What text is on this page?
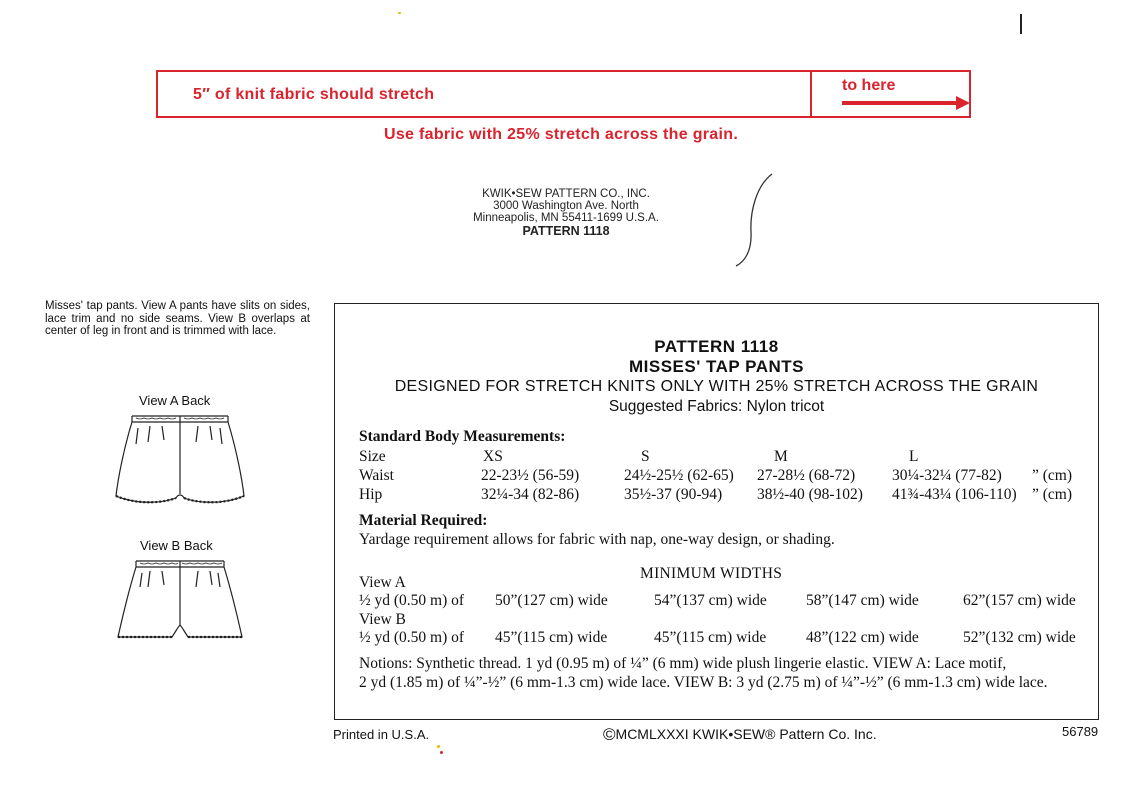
5″ of knit fabric should stretch
to here
Use fabric with 25% stretch across the grain.
KWIK•SEW PATTERN CO., INC.
3000 Washington Ave. North
Minneapolis, MN 55411-1699 U.S.A.
PATTERN 1118
Misses' tap pants. View A pants have slits on sides, lace trim and no side seams. View B overlaps at center of leg in front and is trimmed with lace.
View A Back
View B Back
PATTERN 1118
MISSES' TAP PANTS
DESIGNED FOR STRETCH KNITS ONLY WITH 25% STRETCH ACROSS THE GRAIN
Suggested Fabrics: Nylon tricot
Standard Body Measurements:
Size	XS	S	M	L
Waist	22-23½ (56-59)	24½-25½ (62-65) 27-28½ (68-72) 30¼-32¼ (77-82) ” (cm)
Hip	32¼-34 (82-86)	35½-37 (90-94) 38½-40 (98-102) 41¾-43¼ (106-110) ” (cm)
Material Required:
Yardage requirement allows for fabric with nap, one-way design, or shading.
MINIMUM WIDTHS
View A
½ yd (0.50 m) of 50”(127 cm) wide	54”(137 cm) wide	58”(147 cm) wide	62”(157 cm) wide
View B
½ yd (0.50 m) of 45”(115 cm) wide	45”(115 cm) wide	48”(122 cm) wide	52”(132 cm) wide
Notions: Synthetic thread. 1 yd (0.95 m) of ¼” (6 mm) wide plush lingerie elastic. VIEW A: Lace motif,
2 yd (1.85 m) of ¼”-½” (6 mm-1.3 cm) wide lace. VIEW B: 3 yd (2.75 m) of ¼”-½” (6 mm-1.3 cm) wide lace.
Printed in U.S.A.	©MCMLXXXI KWIK•SEW® Pattern Co. Inc.	56789
